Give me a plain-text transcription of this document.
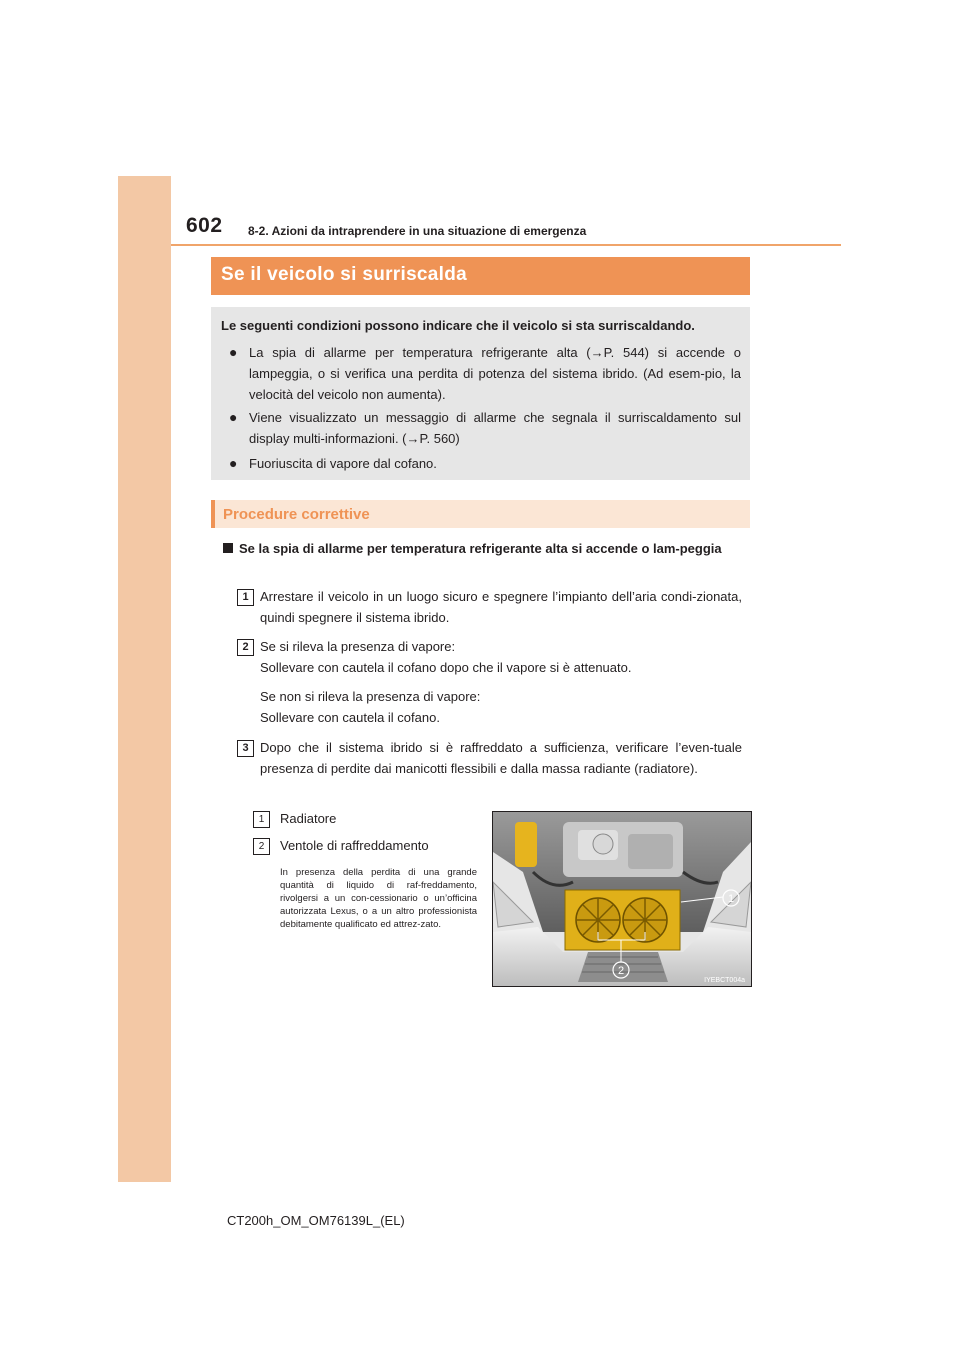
602 8-2. Azioni da intraprendere in una situazione di emergenza
Se il veicolo si surriscalda
Le seguenti condizioni possono indicare che il veicolo si sta surriscaldando.
● La spia di allarme per temperatura refrigerante alta (→P. 544) si accende o lampeggia, o si verifica una perdita di potenza del sistema ibrido. (Ad esem-pio, la velocità del veicolo non aumenta).
● Viene visualizzato un messaggio di allarme che segnala il surriscaldamento sul display multi-informazioni. (→P. 560)
● Fuoriuscita di vapore dal cofano.
Procedure correttive
Se la spia di allarme per temperatura refrigerante alta si accende o lam-peggia
1 Arrestare il veicolo in un luogo sicuro e spegnere l’impianto dell’aria condi-zionata, quindi spegnere il sistema ibrido.

2 Se si rileva la presenza di vapore:

Sollevare con cautela il cofano dopo che il vapore si è attenuato.

Se non si rileva la presenza di vapore:

Sollevare con cautela il cofano.

3 Dopo che il sistema ibrido si è raffreddato a sufficienza, verificare l’even-tuale presenza di perdite dai manicotti flessibili e dalla massa radiante (radiatore).

1	Radiatore
2	Ventole di raffreddamento
In presenza della perdita di una grande quantità di liquido di raf-freddamento, rivolgersi a un con-cessionario o un’officina autorizzata Lexus, o a un altro professionista debitamente qualificato ed attrez-zato.
1
2
IYEBCT004a
CT200h_OM_OM76139L_(EL)
